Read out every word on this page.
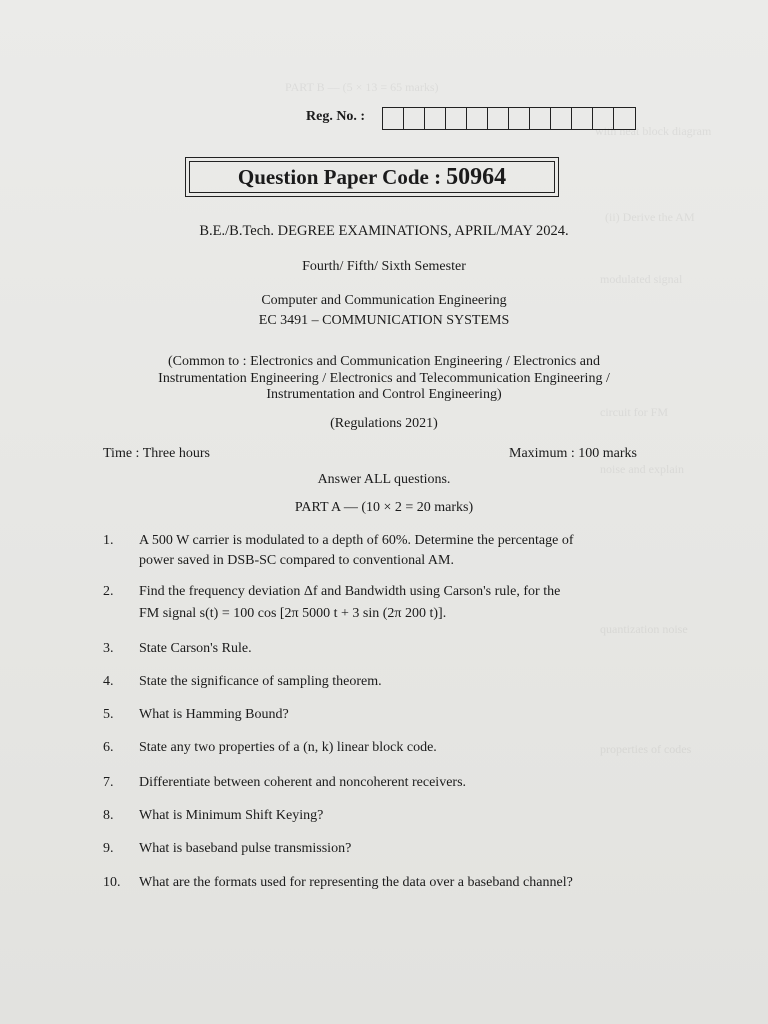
PART B — (5 × 13 = 65 marks)
with neat block diagram
(ii) Derive the AM
modulated signal
circuit for FM
noise and explain
quantization noise
properties of codes
Reg. No. :
Question Paper Code : 50964
B.E./B.Tech. DEGREE EXAMINATIONS, APRIL/MAY 2024.
Fourth/ Fifth/ Sixth Semester
Computer and Communication Engineering
EC 3491 – COMMUNICATION SYSTEMS
(Common to : Electronics and Communication Engineering / Electronics and
Instrumentation Engineering / Electronics and Telecommunication Engineering /
Instrumentation and Control Engineering)
(Regulations 2021)
Time : Three hours	Maximum : 100 marks
Answer ALL questions.
PART A — (10 × 2 = 20 marks)
1. A 500 W carrier is modulated to a depth of 60%. Determine the percentage of
power saved in DSB-SC compared to conventional AM.
2. Find the frequency deviation Δf and Bandwidth using Carson's rule, for the
FM signal s(t) = 100 cos [2π 5000 t + 3 sin (2π 200 t)].
3. State Carson's Rule.
4. State the significance of sampling theorem.
5. What is Hamming Bound?
6. State any two properties of a (n, k) linear block code.
7. Differentiate between coherent and noncoherent receivers.
8. What is Minimum Shift Keying?
9. What is baseband pulse transmission?
10. What are the formats used for representing the data over a baseband channel?
